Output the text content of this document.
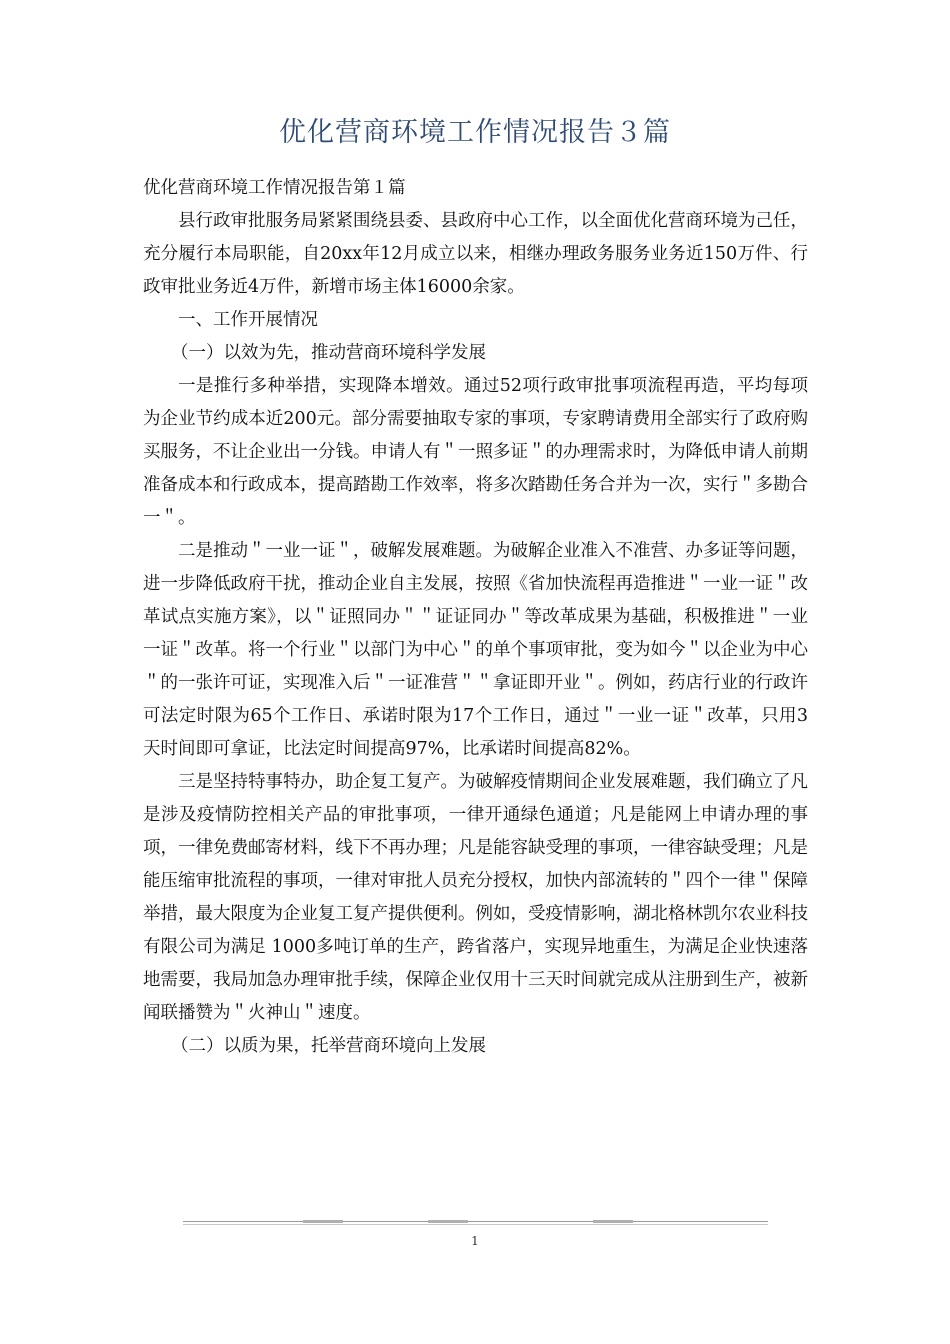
优化营商环境工作情况报告３篇

优化营商环境工作情况报告第１篇

县行政审批服务局紧紧围绕县委、县政府中心工作，以全面优化营商环境为己任，充分履行本局职能，自20xx年12月成立以来，相继办理政务服务业务近150万件、行政审批业务近4万件，新增市场主体16000余家。

一、工作开展情况

（一）以效为先，推动营商环境科学发展

一是推行多种举措，实现降本增效。通过52项行政审批事项流程再造，平均每项为企业节约成本近200元。部分需要抽取专家的事项，专家聘请费用全部实行了政府购买服务，不让企业出一分钱。申请人有＂一照多证＂的办理需求时，为降低申请人前期准备成本和行政成本，提高踏勘工作效率，将多次踏勘任务合并为一次，实行＂多勘合一＂。

二是推动＂一业一证＂，破解发展难题。为破解企业准入不准营、办多证等问题，进一步降低政府干扰，推动企业自主发展，按照《省加快流程再造推进＂一业一证＂改革试点实施方案》，以＂证照同办＂＂证证同办＂等改革成果为基础，积极推进＂一业一证＂改革。将一个行业＂以部门为中心＂的单个事项审批，变为如今＂以企业为中心＂的一张许可证，实现准入后＂一证准营＂＂拿证即开业＂。例如，药店行业的行政许可法定时限为65个工作日、承诺时限为17个工作日，通过＂一业一证＂改革，只用3天时间即可拿证，比法定时间提高97%，比承诺时间提高82%。

三是坚持特事特办，助企复工复产。为破解疫情期间企业发展难题，我们确立了凡是涉及疫情防控相关产品的审批事项，一律开通绿色通道；凡是能网上申请办理的事项，一律免费邮寄材料，线下不再办理；凡是能容缺受理的事项，一律容缺受理；凡是能压缩审批流程的事项，一律对审批人员充分授权，加快内部流转的＂四个一律＂保障举措，最大限度为企业复工复产提供便利。例如，受疫情影响，湖北格林凯尔农业科技有限公司为满足 1000多吨订单的生产，跨省落户，实现异地重生，为满足企业快速落地需要，我局加急办理审批手续，保障企业仅用十三天时间就完成从注册到生产，被新闻联播赞为＂火神山＂速度。

（二）以质为果，托举营商环境向上发展

1
